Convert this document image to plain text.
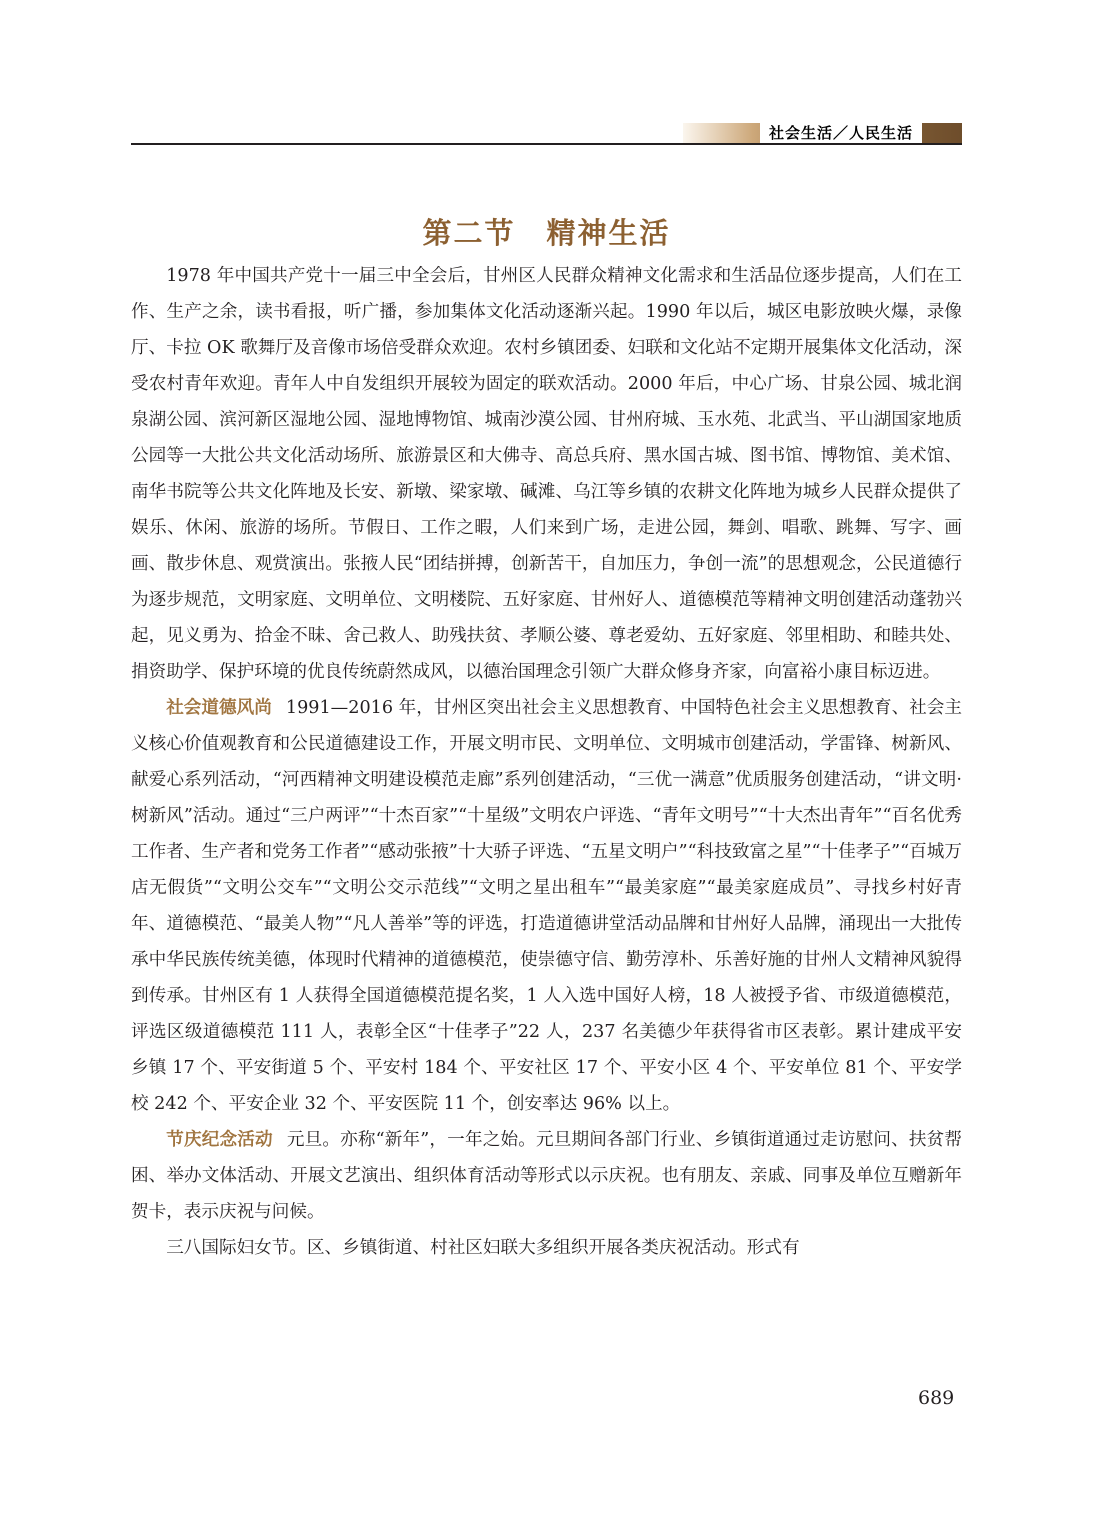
社会生活／人民生活
第二节　精神生活

1978 年中国共产党十一届三中全会后，甘州区人民群众精神文化需求和生活品位逐步提高，人们在工作、生产之余，读书看报，听广播，参加集体文化活动逐渐兴起。1990 年以后，城区电影放映火爆，录像厅、卡拉 OK 歌舞厅及音像市场倍受群众欢迎。农村乡镇团委、妇联和文化站不定期开展集体文化活动，深受农村青年欢迎。青年人中自发组织开展较为固定的联欢活动。2000 年后，中心广场、甘泉公园、城北润泉湖公园、滨河新区湿地公园、湿地博物馆、城南沙漠公园、甘州府城、玉水苑、北武当、平山湖国家地质公园等一大批公共文化活动场所、旅游景区和大佛寺、高总兵府、黑水国古城、图书馆、博物馆、美术馆、南华书院等公共文化阵地及长安、新墩、梁家墩、碱滩、乌江等乡镇的农耕文化阵地为城乡人民群众提供了娱乐、休闲、旅游的场所。节假日、工作之暇，人们来到广场，走进公园，舞剑、唱歌、跳舞、写字、画画、散步休息、观赏演出。张掖人民“团结拼搏，创新苦干，自加压力，争创一流”的思想观念，公民道德行为逐步规范，文明家庭、文明单位、文明楼院、五好家庭、甘州好人、道德模范等精神文明创建活动蓬勃兴起，见义勇为、拾金不昧、舍己救人、助残扶贫、孝顺公婆、尊老爱幼、五好家庭、邻里相助、和睦共处、捐资助学、保护环境的优良传统蔚然成风，以德治国理念引领广大群众修身齐家，向富裕小康目标迈进。

社会道德风尚 1991—2016 年，甘州区突出社会主义思想教育、中国特色社会主义思想教育、社会主义核心价值观教育和公民道德建设工作，开展文明市民、文明单位、文明城市创建活动，学雷锋、树新风、献爱心系列活动，“河西精神文明建设模范走廊”系列创建活动，“三优一满意”优质服务创建活动，“讲文明·树新风”活动。通过“三户两评”“十杰百家”“十星级”文明农户评选、“青年文明号”“十大杰出青年”“百名优秀工作者、生产者和党务工作者”“感动张掖”十大骄子评选、“五星文明户”“科技致富之星”“十佳孝子”“百城万店无假货”“文明公交车”“文明公交示范线”“文明之星出租车”“最美家庭”“最美家庭成员”、寻找乡村好青年、道德模范、“最美人物”“凡人善举”等的评选，打造道德讲堂活动品牌和甘州好人品牌，涌现出一大批传承中华民族传统美德，体现时代精神的道德模范，使崇德守信、勤劳淳朴、乐善好施的甘州人文精神风貌得到传承。甘州区有 1 人获得全国道德模范提名奖，1 人入选中国好人榜，18 人被授予省、市级道德模范，评选区级道德模范 111 人，表彰全区“十佳孝子”22 人，237 名美德少年获得省市区表彰。累计建成平安乡镇 17 个、平安街道 5 个、平安村 184 个、平安社区 17 个、平安小区 4 个、平安单位 81 个、平安学校 242 个、平安企业 32 个、平安医院 11 个，创安率达 96% 以上。

节庆纪念活动 元旦。亦称“新年”，一年之始。元旦期间各部门行业、乡镇街道通过走访慰问、扶贫帮困、举办文体活动、开展文艺演出、组织体育活动等形式以示庆祝。也有朋友、亲戚、同事及单位互赠新年贺卡，表示庆祝与问候。

三八国际妇女节。区、乡镇街道、村社区妇联大多组织开展各类庆祝活动。形式有

689
